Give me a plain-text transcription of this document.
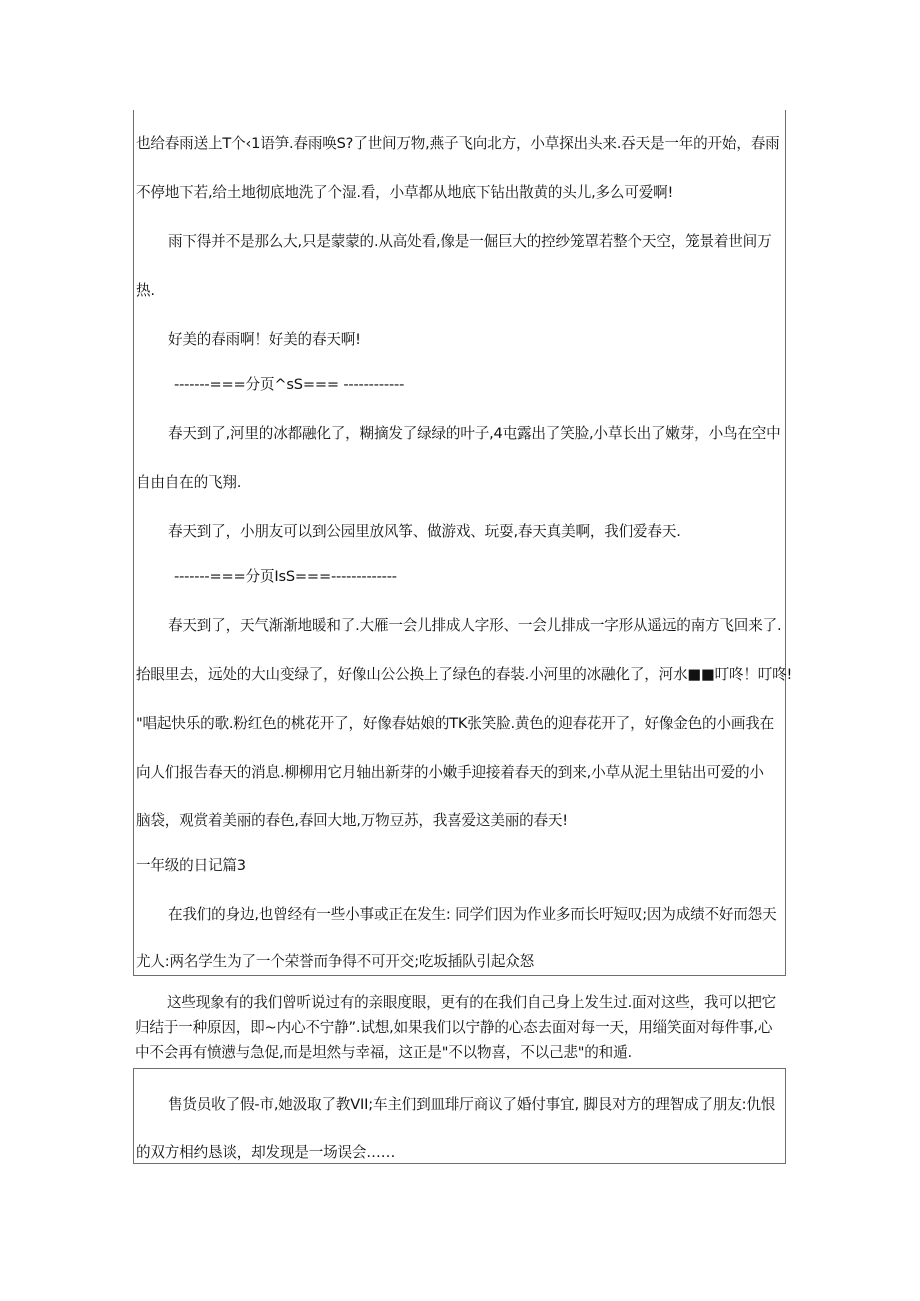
也给春雨送上T个‹1语笋.春雨唤S?了世间万物,燕子飞向北方，小草探出头来.吞天是一年的开始，春雨
不停地下若,给土地彻底地洗了个湿.看，小草都从地底下钻出散黄的头儿,多么可爱啊!
雨下得并不是那么大,只是蒙蒙的.从高处看,像是一倔巨大的控纱笼罩若整个天空，笼景着世间万
热.
好美的春雨啊！好美的春天啊!
-------===分页^sS=== ------------
春天到了,河里的冰都融化了，糊摘发了绿绿的叶子,4屯露出了笑脸,小草长出了嫩芽，小鸟在空中
自由自在的飞翔.
春天到了，小朋友可以到公园里放风筝、做游戏、玩耍,春天真美啊，我们爱春天.
-------===分页IsS===-------------
春天到了，天气渐渐地暖和了.大雁一会儿排成人字形、一会儿排成一字形从遥远的南方飞回来了.
抬眼里去，远处的大山变绿了，好像山公公换上了绿色的春装.小河里的冰融化了，河水■■叮咚！叮咚!
"唱起快乐的歌.粉红色的桃花开了，好像春姑娘的TK张笑脸.黄色的迎春花开了，好像金色的小画我在
向人们报告春天的消息.柳柳用它月轴出新芽的小嫩手迎接着春天的到来,小草从泥土里钻出可爱的小
脑袋，观赏着美丽的春色,春回大地,万物豆苏，我喜爱这美丽的春天!
一年级的日记篇3
在我们的身边,也曾经有一些小事或正在发生: 同学们因为作业多而长吁短叹;因为成绩不好而怨天
尤人:两名学生为了一个荣誉而争得不可开交;吃坂插队引起众怒
这些现象有的我们曾听说过有的亲眼度眼，更有的在我们自己身上发生过.面对这些，我可以把它
归结于一种原因，即~内心不宁静”.试想,如果我们以宁静的心态去面对每一天，用缁笑面对每件事,心
中不会再有愤懑与急促,而是坦然与幸福，这正是"不以物喜，不以己悲"的和遁.
售货员收了假-市,她汲取了教VII;车主们到皿琲厅商议了婚付事宜, 脚艮对方的理智成了朋友:仇恨
的双方相约恳谈，却发现是一场误会……
